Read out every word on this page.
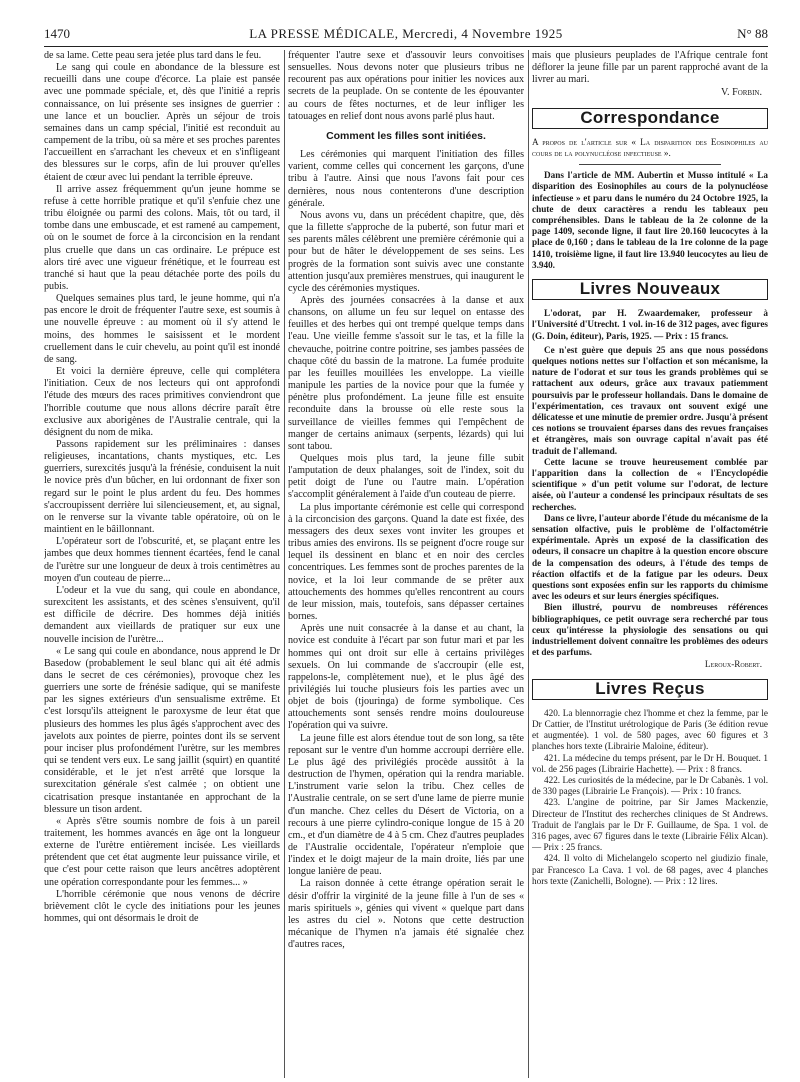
1470	LA PRESSE MÉDICALE, Mercredi, 4 Novembre 1925	N° 88

de sa lame. Cette peau sera jetée plus tard dans le feu.

Le sang qui coule en abondance de la blessure est recueilli dans une coupe d'écorce. La plaie est pansée avec une pommade spéciale, et, dès que l'initié a repris connaissance, on lui présente ses insignes de guerrier : une lance et un bouclier. Après un séjour de trois semaines dans un camp spécial, l'initié est reconduit au campement de la tribu, où sa mère et ses proches parentes l'accueillent en s'arrachant les cheveux et en s'infligeant des blessures sur le corps, afin de lui prouver qu'elles étaient de cœur avec lui pendant la terrible épreuve.

Il arrive assez fréquemment qu'un jeune homme se refuse à cette horrible pratique et qu'il s'enfuie chez une tribu éloignée ou parmi des colons. Mais, tôt ou tard, il tombe dans une embuscade, et est ramené au campement, où on le soumet de force à la circoncision en la rendant plus cruelle que dans un cas ordinaire. Le prépuce est alors tiré avec une vigueur frénétique, et le fourreau est tranché si haut que la peau détachée porte des poils du pubis.

Quelques semaines plus tard, le jeune homme, qui n'a pas encore le droit de fréquenter l'autre sexe, est soumis à une nouvelle épreuve : au moment où il s'y attend le moins, des hommes le saisissent et le mordent cruellement dans le cuir chevelu, au point qu'il est inondé de sang.

Et voici la dernière épreuve, celle qui complétera l'initiation. Ceux de nos lecteurs qui ont approfondi l'étude des mœurs des races primitives conviendront que l'horrible coutume que nous allons décrire paraît être exclusive aux aborigènes de l'Australie centrale, qui la désignent du nom de mika.

Passons rapidement sur les préliminaires : danses religieuses, incantations, chants mystiques, etc. Les guerriers, surexcités jusqu'à la frénésie, conduisent la nuit le novice près d'un bûcher, en lui ordonnant de fixer son regard sur le point le plus ardent du feu. Des hommes s'accroupissent derrière lui silencieusement, et, au signal, on le renverse sur la vivante table opératoire, où on le maintient en le bâillonnant.

L'opérateur sort de l'obscurité, et, se plaçant entre les jambes que deux hommes tiennent écartées, fend le canal de l'urètre sur une longueur de deux à trois centimètres au moyen d'un couteau de pierre...

L'odeur et la vue du sang, qui coule en abondance, surexcitent les assistants, et des scènes s'ensuivent, qu'il est difficile de décrire. Des hommes déjà initiés demandent aux vieillards de pratiquer sur eux une nouvelle incision de l'urètre...

« Le sang qui coule en abondance, nous apprend le Dr Basedow (probablement le seul blanc qui ait été admis dans le secret de ces cérémonies), provoque chez les guerriers une sorte de frénésie sadique, qui se manifeste par les signes extérieurs d'un sensualisme extrême. Et c'est lorsqu'ils atteignent le paroxysme de leur état que plusieurs des hommes les plus âgés s'approchent avec des javelots aux pointes de pierre, pointes dont ils se servent pour inciser plus profondément l'urètre, sur les membres qui se tendent vers eux. Le sang jaillit (squirt) en quantité considérable, et le jet n'est arrêté que lorsque la surexcitation générale s'est calmée ; on obtient une cicatrisation presque instantanée en approchant de la blessure un tison ardent.

« Après s'être soumis nombre de fois à un pareil traitement, les hommes avancés en âge ont la longueur externe de l'urètre entièrement incisée. Les vieillards prétendent que cet état augmente leur puissance virile, et que c'est pour cette raison que leurs ancêtres adoptèrent une opération correspondante pour les femmes... »

L'horrible cérémonie que nous venons de décrire brièvement clôt le cycle des initiations pour les jeunes hommes, qui ont désormais le droit de

fréquenter l'autre sexe et d'assouvir leurs convoitises sensuelles. Nous devons noter que plusieurs tribus ne recourent pas aux opérations pour initier les novices aux secrets de la peuplade. On se contente de les épouvanter au cours de fêtes nocturnes, et de leur infliger les tatouages en relief dont nous avons parlé plus haut.

Comment les filles sont initiées.

Les cérémonies qui marquent l'initiation des filles varient, comme celles qui concernent les garçons, d'une tribu à l'autre. Ainsi que nous l'avons fait pour ces dernières, nous nous contenterons d'une description générale.

Nous avons vu, dans un précédent chapitre, que, dès que la fillette s'approche de la puberté, son futur mari et ses parents mâles célèbrent une première cérémonie qui a pour but de hâter le développement de ses seins. Les progrès de la formation sont suivis avec une constante attention jusqu'aux premières menstrues, qui inaugurent le cycle des cérémonies mystiques.

Après des journées consacrées à la danse et aux chansons, on allume un feu sur lequel on entasse des feuilles et des herbes qui ont trempé quelque temps dans l'eau. Une vieille femme s'assoit sur le tas, et la fille la chevauche, poitrine contre poitrine, ses jambes passées de chaque côté du bassin de la matrone. La fumée produite par les feuilles mouillées les enveloppe. La vieille manipule les parties de la novice pour que la fumée y pénètre plus profondément. La jeune fille est ensuite reconduite dans la brousse où elle reste sous la surveillance de vieilles femmes qui l'empêchent de manger de certains animaux (serpents, lézards) qui lui sont tabou.

Quelques mois plus tard, la jeune fille subit l'amputation de deux phalanges, soit de l'index, soit du petit doigt de l'une ou l'autre main. L'opération s'accomplit généralement à l'aide d'un couteau de pierre.

La plus importante cérémonie est celle qui correspond à la circoncision des garçons. Quand la date est fixée, des messagers des deux sexes vont inviter les groupes et tribus amies des environs. Ils se peignent d'ocre rouge sur lequel ils dessinent en blanc et en noir des cercles concentriques. Les femmes sont de proches parentes de la novice, et la loi leur commande de se prêter aux attouchements des hommes qu'elles rencontrent au cours de leur mission, mais, toutefois, sans dépasser certaines bornes.

Après une nuit consacrée à la danse et au chant, la novice est conduite à l'écart par son futur mari et par les hommes qui ont droit sur elle à certains privilèges sexuels. On lui commande de s'accroupir (elle est, rappelons-le, complètement nue), et le plus âgé des privilégiés lui touche plusieurs fois les parties avec un objet de bois (tjouringa) de forme symbolique. Ces attouchements sont sensés rendre moins douloureuse l'opération qui va suivre.

La jeune fille est alors étendue tout de son long, sa tête reposant sur le ventre d'un homme accroupi derrière elle. Le plus âgé des privilégiés procède aussitôt à la destruction de l'hymen, opération qui la rendra mariable. L'instrument varie selon la tribu. Chez celles de l'Australie centrale, on se sert d'une lame de pierre munie d'un manche. Chez celles du Désert de Victoria, on a recours à une pierre cylindro-conique longue de 15 à 20 cm., et d'un diamètre de 4 à 5 cm. Chez d'autres peuplades de l'Australie occidentale, l'opérateur n'emploie que l'index et le doigt majeur de la main droite, liés par une longue lanière de peau.

La raison donnée à cette étrange opération serait le désir d'offrir la virginité de la jeune fille à l'un de ses « maris spirituels », génies qui vivent « quelque part dans les astres du ciel ». Notons que cette destruction mécanique de l'hymen n'a jamais été signalée chez d'autres races,

mais que plusieurs peuplades de l'Afrique centrale font déflorer la jeune fille par un parent rapproché avant de la livrer au mari.

V. Forbin.
Correspondance
A propos de l'article sur « La disparition des Eosinophiles au cours de la polynucléose infectieuse ».

Dans l'article de MM. Aubertin et Musso intitulé « La disparition des Eosinophiles au cours de la polynucléose infectieuse » et paru dans le numéro du 24 Octobre 1925, la chute de deux caractères a rendu les tableaux peu compréhensibles. Dans le tableau de la 2e colonne de la page 1409, seconde ligne, il faut lire 20.160 leucocytes à la place de 0,160 ; dans le tableau de la 1re colonne de la page 1410, troisième ligne, il faut lire 13.940 leucocytes au lieu de 3.940.

Livres Nouveaux
L'odorat, par H. Zwaardemaker, professeur à l'Université d'Utrecht. 1 vol. in-16 de 312 pages, avec figures (G. Doin, éditeur), Paris, 1925. — Prix : 15 francs.

Ce n'est guère que depuis 25 ans que nous possédons quelques notions nettes sur l'olfaction et son mécanisme, la nature de l'odorat et sur tous les grands problèmes qui se rattachent aux odeurs, grâce aux travaux patiemment poursuivis par le professeur hollandais. Dans le domaine de l'expérimentation, ces travaux ont souvent exigé une délicatesse et une minutie de premier ordre. Jusqu'à présent ces notions se trouvaient éparses dans des revues françaises et étrangères, mais son ouvrage capital n'avait pas été traduit de l'allemand.

Cette lacune se trouve heureusement comblée par l'apparition dans la collection de « l'Encyclopédie scientifique » d'un petit volume sur l'odorat, de lecture aisée, où l'auteur a condensé les principaux résultats de ses recherches.

Dans ce livre, l'auteur aborde l'étude du mécanisme de la sensation olfactive, puis le problème de l'olfactométrie expérimentale. Après un exposé de la classification des odeurs, il consacre un chapitre à la question encore obscure de la compensation des odeurs, à l'étude des temps de réaction olfactifs et de la fatigue par les odeurs. Deux questions sont exposées enfin sur les rapports du chimisme avec les odeurs et sur leurs énergies spécifiques.

Bien illustré, pourvu de nombreuses références bibliographiques, ce petit ouvrage sera recherché par tous ceux qu'intéresse la physiologie des sensations ou qui industriellement doivent connaître les problèmes des odeurs et des parfums.

Leroux-Robert.
Livres Reçus

420. La blennorragie chez l'homme et chez la femme, par le Dr Cattier, de l'Institut urétrologique de Paris (3e édition revue et augmentée). 1 vol. de 580 pages, avec 60 figures et 3 planches hors texte (Librairie Maloine, éditeur).

421. La médecine du temps présent, par le Dr H. Bouquet. 1 vol. de 256 pages (Librairie Hachette). — Prix : 8 francs.

422. Les curiosités de la médecine, par le Dr Cabanès. 1 vol. de 330 pages (Librairie Le François). — Prix : 10 francs.

423. L'angine de poitrine, par Sir James Mackenzie, Directeur de l'Institut des recherches cliniques de St Andrews. Traduit de l'anglais par le Dr F. Guillaume, de Spa. 1 vol. de 316 pages, avec 67 figures dans le texte (Librairie Félix Alcan). — Prix : 25 francs.

424. Il volto di Michelangelo scoperto nel giudizio finale, par Francesco La Cava. 1 vol. de 68 pages, avec 4 planches hors texte (Zanichelli, Bologne). — Prix : 12 lires.
